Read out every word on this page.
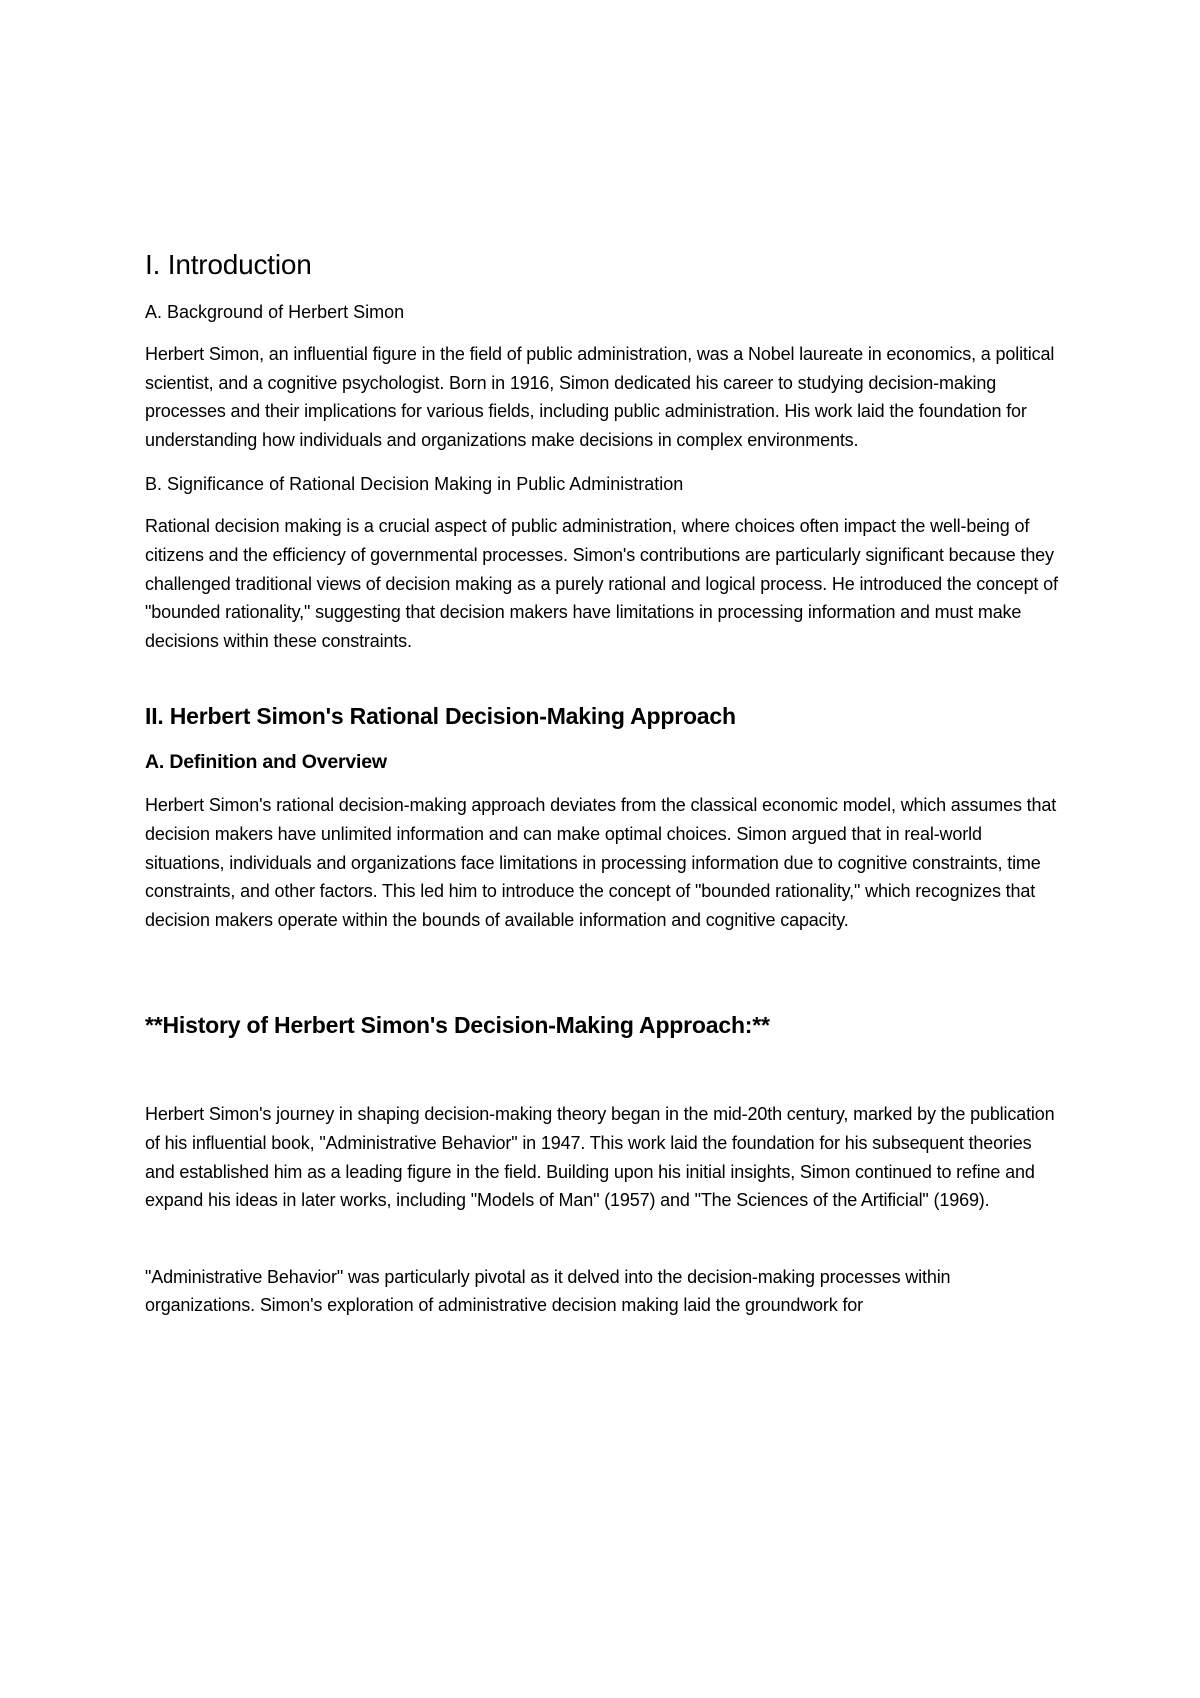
I. Introduction
A. Background of Herbert Simon

Herbert Simon, an influential figure in the field of public administration, was a Nobel laureate in economics, a political scientist, and a cognitive psychologist. Born in 1916, Simon dedicated his career to studying decision-making processes and their implications for various fields, including public administration. His work laid the foundation for understanding how individuals and organizations make decisions in complex environments.

B. Significance of Rational Decision Making in Public Administration

Rational decision making is a crucial aspect of public administration, where choices often impact the well-being of citizens and the efficiency of governmental processes. Simon's contributions are particularly significant because they challenged traditional views of decision making as a purely rational and logical process. He introduced the concept of "bounded rationality," suggesting that decision makers have limitations in processing information and must make decisions within these constraints.

II. Herbert Simon's Rational Decision-Making Approach
A. Definition and Overview

Herbert Simon's rational decision-making approach deviates from the classical economic model, which assumes that decision makers have unlimited information and can make optimal choices. Simon argued that in real-world situations, individuals and organizations face limitations in processing information due to cognitive constraints, time constraints, and other factors. This led him to introduce the concept of "bounded rationality," which recognizes that decision makers operate within the bounds of available information and cognitive capacity.

**History of Herbert Simon's Decision-Making Approach:**

Herbert Simon's journey in shaping decision-making theory began in the mid-20th century, marked by the publication of his influential book, "Administrative Behavior" in 1947. This work laid the foundation for his subsequent theories and established him as a leading figure in the field. Building upon his initial insights, Simon continued to refine and expand his ideas in later works, including "Models of Man" (1957) and "The Sciences of the Artificial" (1969).

"Administrative Behavior" was particularly pivotal as it delved into the decision-making processes within organizations. Simon's exploration of administrative decision making laid the groundwork for
